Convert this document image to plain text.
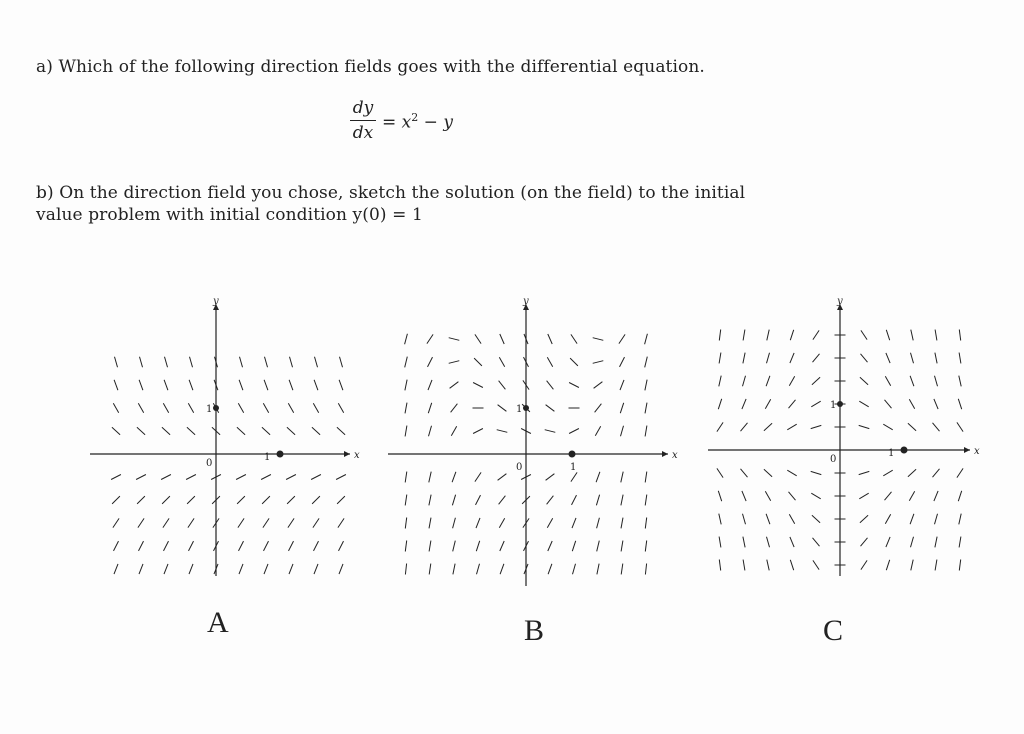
a) Which of the following direction fields goes with the differential equation.
dy
dx
= $x^2 - y$
b) On the direction field you chose, sketch the solution (on the field) to the initial value problem with initial condition y(0) = 1
y
x
0
1
1
y
x
0
1
1
y
x
0
1
1
A	B	C
